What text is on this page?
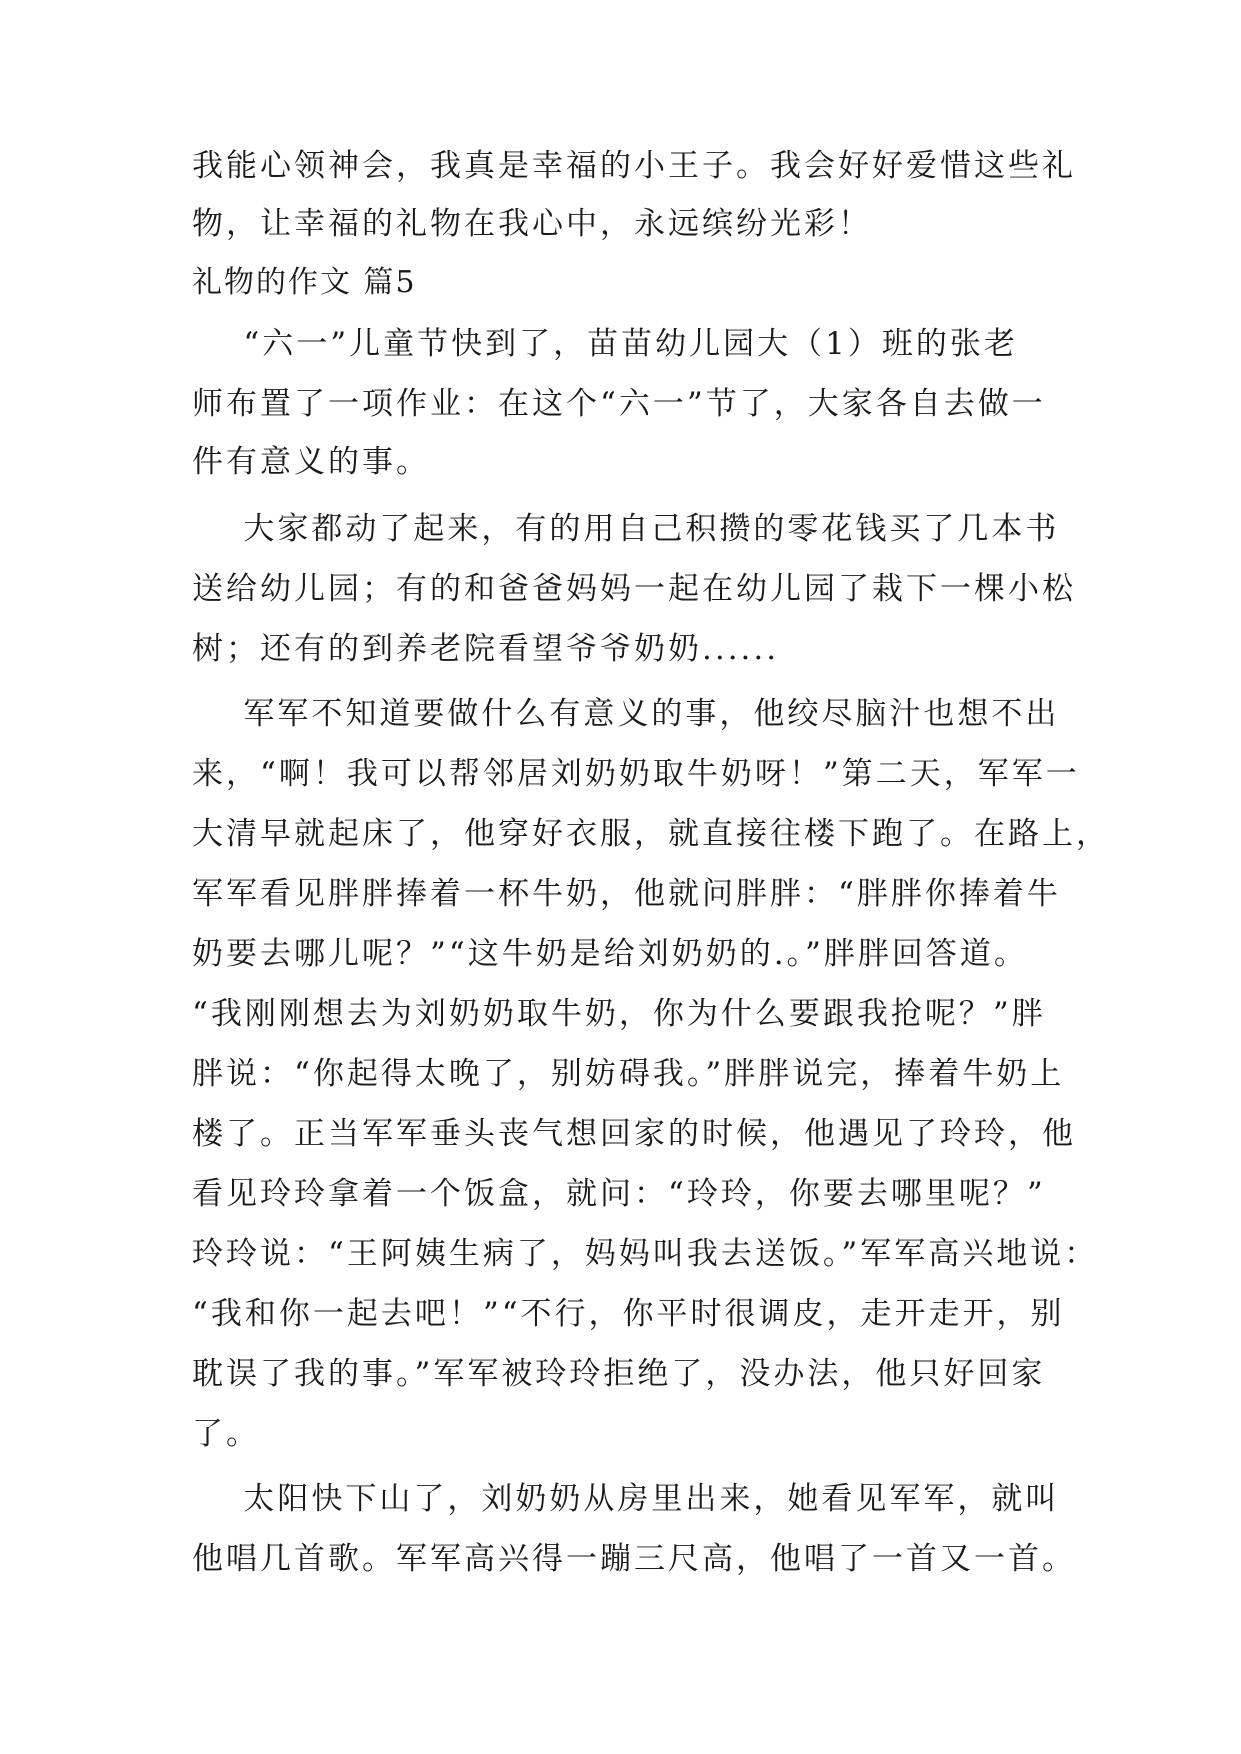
我能心领神会，我真是幸福的小王子。我会好好爱惜这些礼
物，让幸福的礼物在我心中，永远缤纷光彩！
礼物的作文 篇5
“六一”儿童节快到了，苗苗幼儿园大（1）班的张老
师布置了一项作业：在这个“六一”节了，大家各自去做一
件有意义的事。
大家都动了起来，有的用自己积攒的零花钱买了几本书
送给幼儿园；有的和爸爸妈妈一起在幼儿园了栽下一棵小松
树；还有的到养老院看望爷爷奶奶......
军军不知道要做什么有意义的事，他绞尽脑汁也想不出
来，“啊！我可以帮邻居刘奶奶取牛奶呀！”第二天，军军一
大清早就起床了，他穿好衣服，就直接往楼下跑了。在路上，
军军看见胖胖捧着一杯牛奶，他就问胖胖：“胖胖你捧着牛
奶要去哪儿呢？”“这牛奶是给刘奶奶的.。”胖胖回答道。
“我刚刚想去为刘奶奶取牛奶，你为什么要跟我抢呢？”胖
胖说：“你起得太晚了，别妨碍我。”胖胖说完，捧着牛奶上
楼了。正当军军垂头丧气想回家的时候，他遇见了玲玲，他
看见玲玲拿着一个饭盒，就问：“玲玲，你要去哪里呢？”
玲玲说：“王阿姨生病了，妈妈叫我去送饭。”军军高兴地说：
“我和你一起去吧！”“不行，你平时很调皮，走开走开，别
耽误了我的事。”军军被玲玲拒绝了，没办法，他只好回家
了。
太阳快下山了，刘奶奶从房里出来，她看见军军，就叫
他唱几首歌。军军高兴得一蹦三尺高，他唱了一首又一首。
